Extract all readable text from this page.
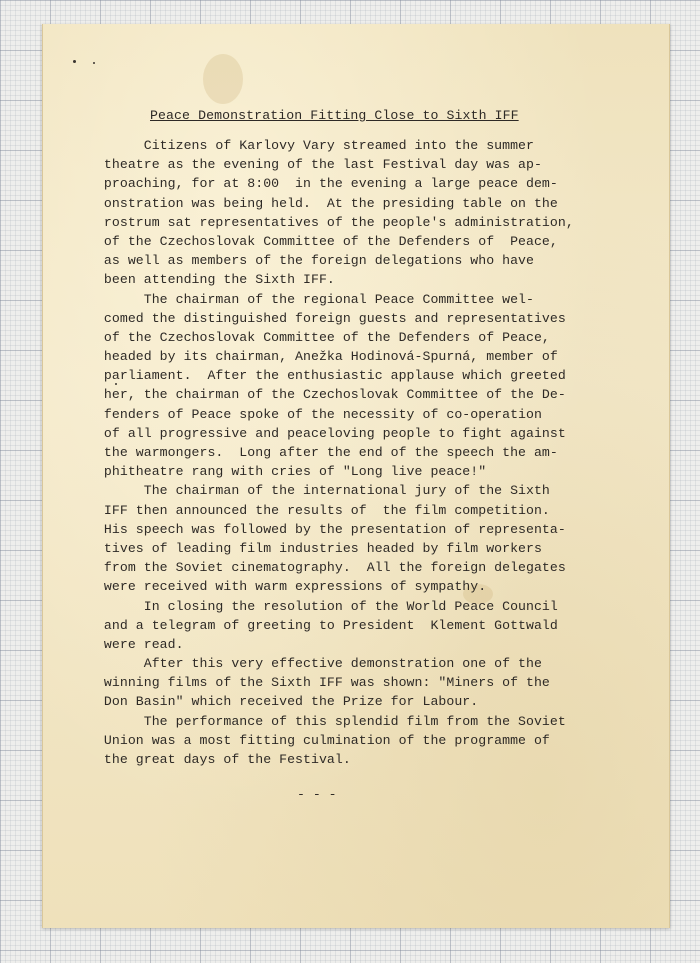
Peace Demonstration Fitting Close to Sixth IFF
Citizens of Karlovy Vary streamed into the summer
theatre as the evening of the last Festival day was ap-
proaching, for at 8:00  in the evening a large peace dem-
onstration was being held.  At the presiding table on the
rostrum sat representatives of the people's administration,
of the Czechoslovak Committee of the Defenders of  Peace,
as well as members of the foreign delegations who have
been attending the Sixth IFF.
The chairman of the regional Peace Committee wel-
comed the distinguished foreign guests and representatives
of the Czechoslovak Committee of the Defenders of Peace,
headed by its chairman, Anežka Hodinová-Spurná, member of
parliament.  After the enthusiastic applause which greeted
her, the chairman of the Czechoslovak Committee of the De-
fenders of Peace spoke of the necessity of co-operation
of all progressive and peaceloving people to fight against
the warmongers.  Long after the end of the speech the am-
phitheatre rang with cries of "Long live peace!"
The chairman of the international jury of the Sixth
IFF then announced the results of  the film competition.
His speech was followed by the presentation of representa-
tives of leading film industries headed by film workers
from the Soviet cinematography.  All the foreign delegates
were received with warm expressions of sympathy.
In closing the resolution of the World Peace Council
and a telegram of greeting to President  Klement Gottwald
were read.
After this very effective demonstration one of the
winning films of the Sixth IFF was shown: "Miners of the
Don Basin" which received the Prize for Labour.
The performance of this splendid film from the Soviet
Union was a most fitting culmination of the programme of
the great days of the Festival.
- - -
